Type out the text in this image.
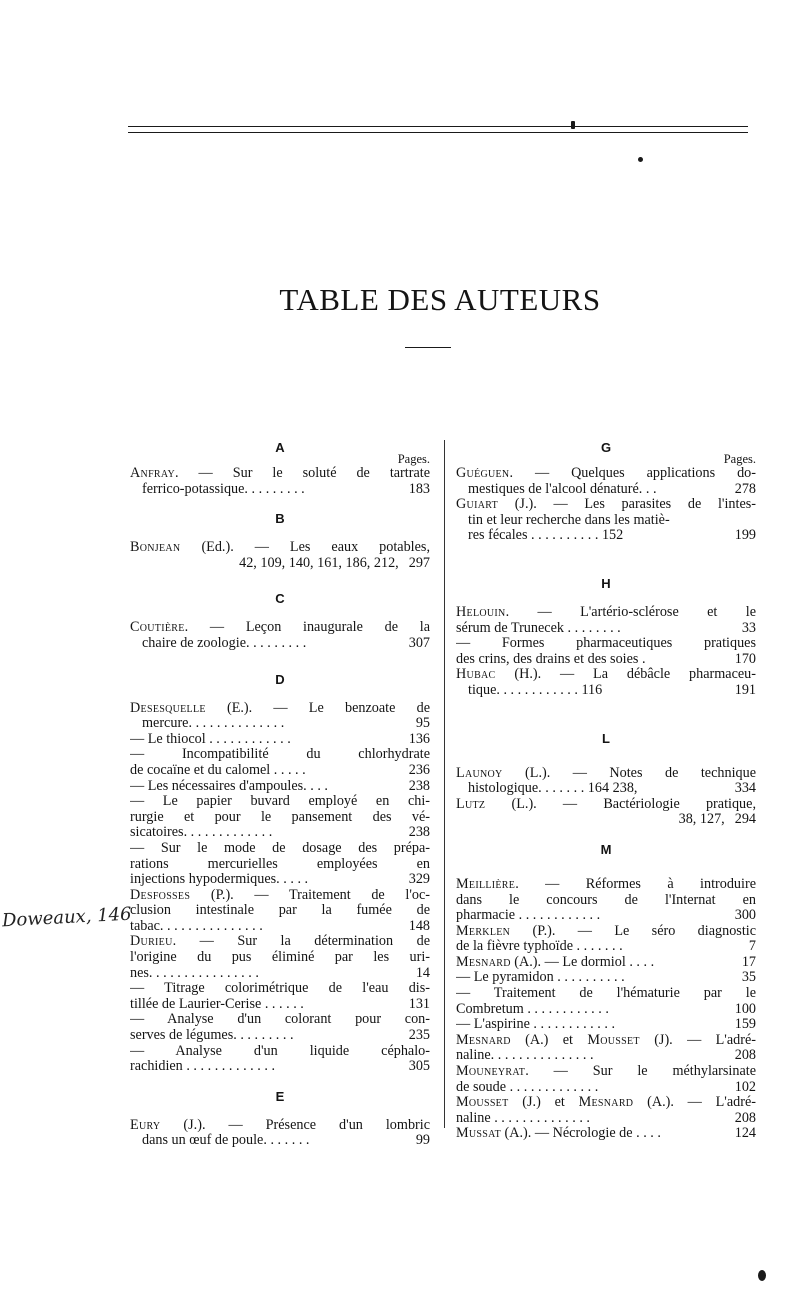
TABLE DES AUTEURS
Doweaux, 146
A
Pages.
Anfray. — Sur le soluté de tartrate
ferrico-potassique. . . . . . . . .	183
B
Bonjean (Ed.). — Les eaux potables,
42, 109, 140, 161, 186, 212, 297
C
Coutière. — Leçon inaugurale de la
chaire de zoologie. . . . . . . . .	307
D
Desesquelle (E.). — Le benzoate de
mercure. . . . . . . . . . . . . .	95
— Le thiocol . . . . . . . . . . . .	136
— Incompatibilité du chlorhydrate
de cocaïne et du calomel . . . . .	236
— Les nécessaires d'ampoules. . . .	238
— Le papier buvard employé en chi-
rurgie et pour le pansement des vé-
sicatoires. . . . . . . . . . . . .	238
— Sur le mode de dosage des prépa-
rations mercurielles employées en
injections hypodermiques. . . . .	329
Desfosses (P.). — Traitement de l'oc-
clusion intestinale par la fumée de
tabac. . . . . . . . . . . . . . .	148
Durieu. — Sur la détermination de
l'origine du pus éliminé par les uri-
nes. . . . . . . . . . . . . . . .	14
— Titrage colorimétrique de l'eau dis-
tillée de Laurier-Cerise . . . . . .	131
— Analyse d'un colorant pour con-
serves de légumes. . . . . . . . .	235
— Analyse d'un liquide céphalo-
rachidien . . . . . . . . . . . . .	305
E
Eury (J.). — Présence d'un lombric
dans un œuf de poule. . . . . . .	99
G
Pages.
Guéguen. — Quelques applications do-
mestiques de l'alcool dénaturé. . .	278
Guiart (J.). — Les parasites de l'intes-
tin et leur recherche dans les matiè-
res fécales . . . . . . . . . . 152	199
H
Helouin. — L'artério-sclérose et le
sérum de Trunecek . . . . . . . .	33
— Formes pharmaceutiques pratiques
des crins, des drains et des soies .	170
Hubac (H.). — La débâcle pharmaceu-
tique. . . . . . . . . . . . 116	191
L
Launoy (L.). — Notes de technique
histologique. . . . . . . 164 238,	334
Lutz (L.). — Bactériologie pratique,
38, 127, 294
M
Meillière. — Réformes à introduire
dans le concours de l'Internat en
pharmacie . . . . . . . . . . . .	300
Merklen (P.). — Le séro diagnostic
de la fièvre typhoïde . . . . . . .	7
Mesnard (A.). — Le dormiol . . . .	17
— Le pyramidon . . . . . . . . . .	35
— Traitement de l'hématurie par le
Combretum . . . . . . . . . . . .	100
— L'aspirine . . . . . . . . . . . .	159
Mesnard (A.) et Mousset (J). — L'adré-
naline. . . . . . . . . . . . . . .	208
Mouneyrat. — Sur le méthylarsinate
de soude . . . . . . . . . . . . .	102
Mousset (J.) et Mesnard (A.). — L'adré-
naline . . . . . . . . . . . . . .	208
Mussat (A.). — Nécrologie de . . . .	124
